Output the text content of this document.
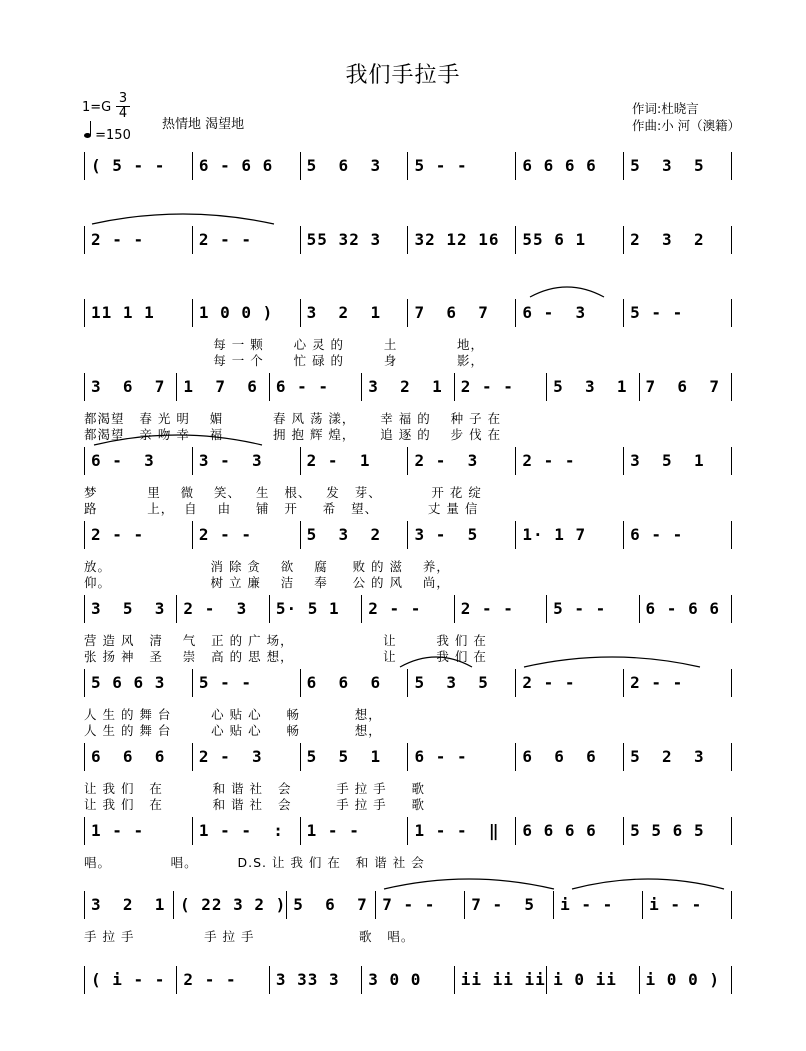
我们手拉手
1=G
3
4
热情地 渴望地
=150
作词:杜晓言
作曲:小 河（澳籍）
( 5 - -	6 - 6 6	5  6  3	5 - -	6 6 6 6	5  3  5
2 - -	2 - -	55 32 3	32 12 16	55 6 1	2  3  2
11 1 1	1 0 0 )	3  2  1	7  6  7	6 -  3	5 - -
每 一 颗      心 灵 的        土            地，
每 一 个      忙 碌 的        身            影，
3  6  7	1  7  6	6 - -	3  2  1	2 - -	5  3  1	7  6  7
都渴望   春 光 明    媚          春 风 荡 漾，     幸 福 的    种 子 在
都渴望   亲 吻 幸    福          拥 抱 辉 煌，     追 逐 的    步 伐 在
6 -  3	3 -  3	2 -  1	2 -  3	2 - -	3  5  1
梦          里    微    笑、   生   根、   发   芽、          开 花 绽
路          上，  自    由     铺   开     希   望、          丈 量 信
2 - -	2 - -	5  3  2	3 -  5	1· 1 7	6 - -
放。                    消 除 贪    欲    腐     败 的 滋    养，
仰。                    树 立 廉    洁    奉     公 的 风    尚，
3  5  3	2 -  3	5· 5 1	2 - -	2 - -	5 - -	6 - 6 6
营 造 风   清    气   正 的 广 场，                  让        我 们 在
张 扬 神   圣    崇   高 的 思 想，                  让        我 们 在
5 6 6 3	5 - -	6  6  6	5  3  5	2 - -	2 - -
人 生 的 舞 台        心 贴 心     畅           想，
人 生 的 舞 台        心 贴 心     畅           想，
6  6  6	2 -  3	5  5  1	6 - -	6  6  6	5  2  3
让 我 们   在          和 谐 社   会         手 拉 手     歌
让 我 们   在          和 谐 社   会         手 拉 手     歌
1 - -	1 - -  :	1 - -	1 - -  ‖	6 6 6 6	5 5 6 5
唱。            唱。        D.S. 让 我 们 在   和 谐 社 会
3  2  1 ( 22 3 2 ) 5  6  7 7 - -	7 -  5	i - -	i - -
手 拉 手              手 拉 手                     歌   唱。
( i - -	2 - -	3 33 3	3 0 0	ii ii ii i 0 ii	i 0 0 )
